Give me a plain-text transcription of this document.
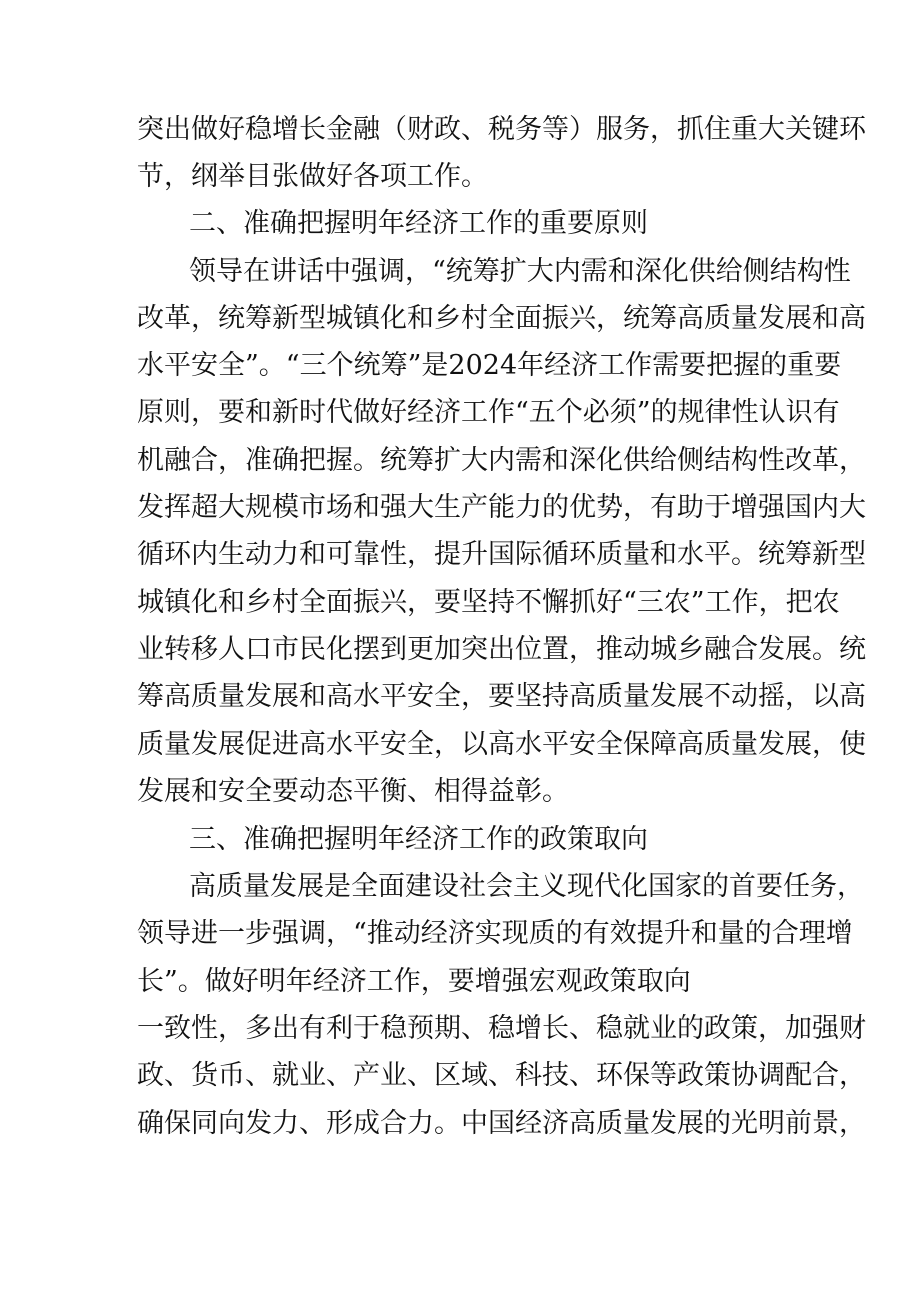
突出做好稳增长金融（财政、税务等）服务，抓住重大关键环
节，纲举目张做好各项工作。
二、准确把握明年经济工作的重要原则
领导在讲话中强调，“统筹扩大内需和深化供给侧结构性
改革，统筹新型城镇化和乡村全面振兴，统筹高质量发展和高
水平安全”。“三个统筹”是2024年经济工作需要把握的重要
原则，要和新时代做好经济工作“五个必须”的规律性认识有
机融合，准确把握。统筹扩大内需和深化供给侧结构性改革，
发挥超大规模市场和强大生产能力的优势，有助于增强国内大
循环内生动力和可靠性，提升国际循环质量和水平。统筹新型
城镇化和乡村全面振兴，要坚持不懈抓好“三农”工作，把农
业转移人口市民化摆到更加突出位置，推动城乡融合发展。统
筹高质量发展和高水平安全，要坚持高质量发展不动摇，以高
质量发展促进高水平安全，以高水平安全保障高质量发展，使
发展和安全要动态平衡、相得益彰。
三、准确把握明年经济工作的政策取向
高质量发展是全面建设社会主义现代化国家的首要任务，
领导进一步强调，“推动经济实现质的有效提升和量的合理增
长”。做好明年经济工作，要增强宏观政策取向
一致性，多出有利于稳预期、稳增长、稳就业的政策，加强财
政、货币、就业、产业、区域、科技、环保等政策协调配合，
确保同向发力、形成合力。中国经济高质量发展的光明前景，
